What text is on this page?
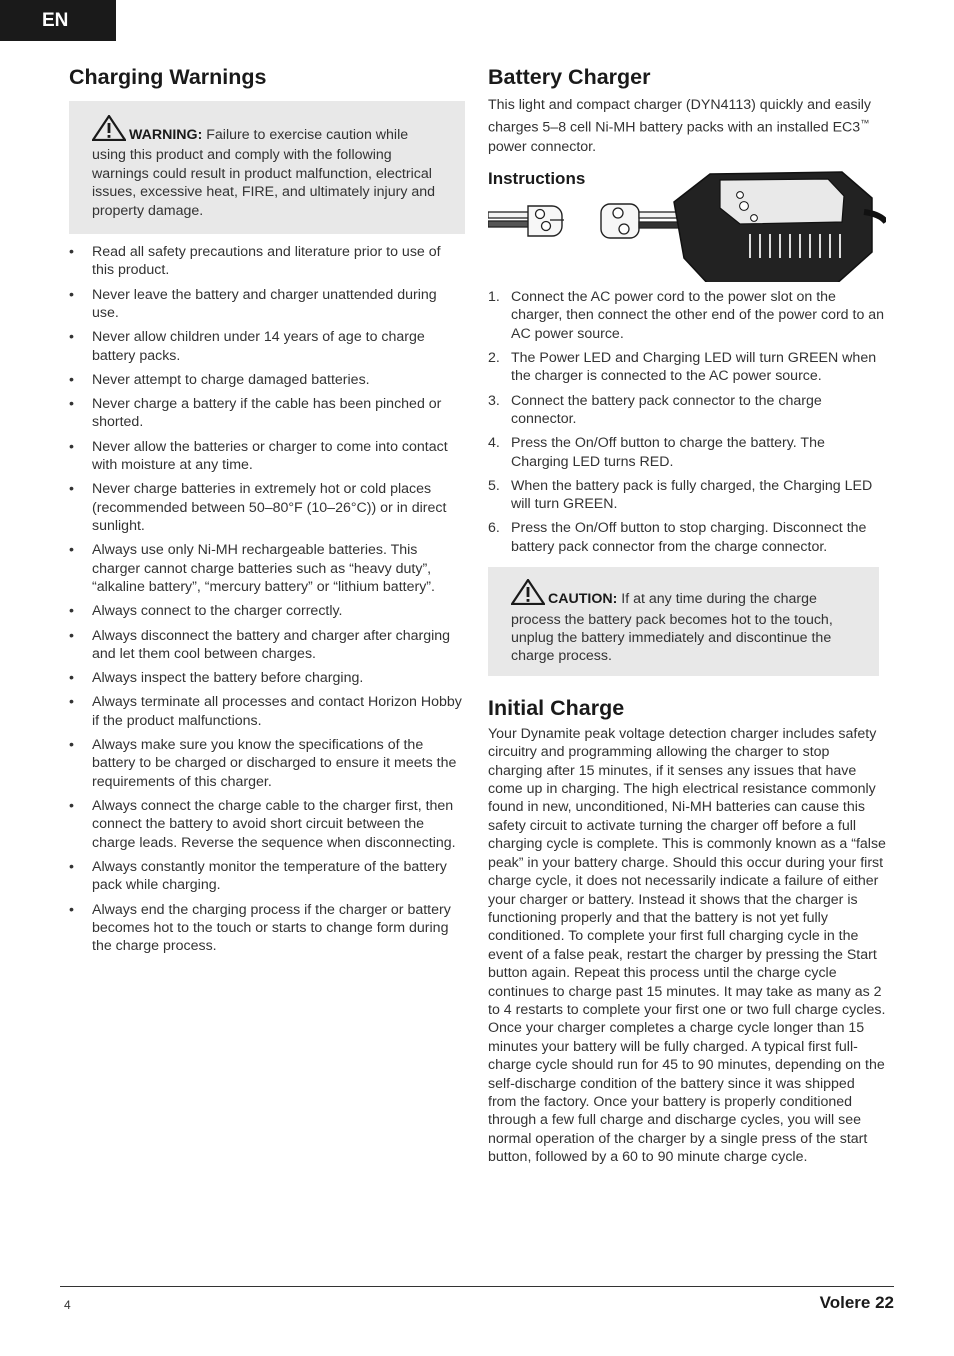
EN
Charging Warnings

WARNING: Failure to exercise caution while using this product and comply with the following warnings could result in product malfunction, electrical issues, excessive heat, FIRE, and ultimately injury and property damage.

• Read all safety precautions and literature prior to use of this product.
• Never leave the battery and charger unattended during use.
• Never allow children under 14 years of age to charge battery packs.
• Never attempt to charge damaged batteries.
• Never charge a battery if the cable has been pinched or shorted.
• Never allow the batteries or charger to come into contact with moisture at any time.
• Never charge batteries in extremely hot or cold places (recommended between 50–80°F (10–26°C)) or in direct sunlight.
• Always use only Ni-MH rechargeable batteries. This charger cannot charge batteries such as “heavy duty”, “alkaline battery”, “mercury battery” or “lithium battery”.
• Always connect to the charger correctly.
• Always disconnect the battery and charger after charging and let them cool between charges.
• Always inspect the battery before charging.
• Always terminate all processes and contact Horizon Hobby if the product malfunctions.
• Always make sure you know the specifications of the battery to be charged or discharged to ensure it meets the requirements of this charger.
• Always connect the charge cable to the charger first, then connect the battery to avoid short circuit between the charge leads. Reverse the sequence when disconnecting.
• Always constantly monitor the temperature of the battery pack while charging.
• Always end the charging process if the charger or battery becomes hot to the touch or starts to change form during the charge process.
Battery Charger

This light and compact charger (DYN4113) quickly and easily charges 5–8 cell Ni-MH battery packs with an installed EC3™ power connector.

Instructions
1. Connect the AC power cord to the power slot on the charger, then connect the other end of the power cord to an AC power source.
2. The Power LED and Charging LED will turn GREEN when the charger is connected to the AC power source.
3. Connect the battery pack connector to the charge connector.
4. Press the On/Off button to charge the battery. The Charging LED turns RED.
5. When the battery pack is fully charged, the Charging LED will turn GREEN.
6. Press the On/Off button to stop charging. Disconnect the battery pack connector from the charge connector.

CAUTION: If at any time during the charge process the battery pack becomes hot to the touch, unplug the battery immediately and discontinue the charge process.

Initial Charge

Your Dynamite peak voltage detection charger includes safety circuitry and programming allowing the charger to stop charging after 15 minutes, if it senses any issues that have come up in charging. The high electrical resistance commonly found in new, unconditioned, Ni-MH batteries can cause this safety circuit to activate turning the charger off before a full charging cycle is complete. This is commonly known as a “false peak” in your battery charge. Should this occur during your first charge cycle, it does not necessarily indicate a failure of either your charger or battery. Instead it shows that the charger is functioning properly and that the battery is not yet fully conditioned. To complete your first full charging cycle in the event of a false peak, restart the charger by pressing the Start button again. Repeat this process until the charge cycle continues to charge past 15 minutes. It may take as many as 2 to 4 restarts to complete your first one or two full charge cycles. Once your charger completes a charge cycle longer than 15 minutes your battery will be fully charged. A typical first full-charge cycle should run for 45 to 90 minutes, depending on the self-discharge condition of the battery since it was shipped from the factory. Once your battery is properly conditioned through a few full charge and discharge cycles, you will see normal operation of the charger by a single press of the start button, followed by a 60 to 90 minute charge cycle.

4	Volere 22
